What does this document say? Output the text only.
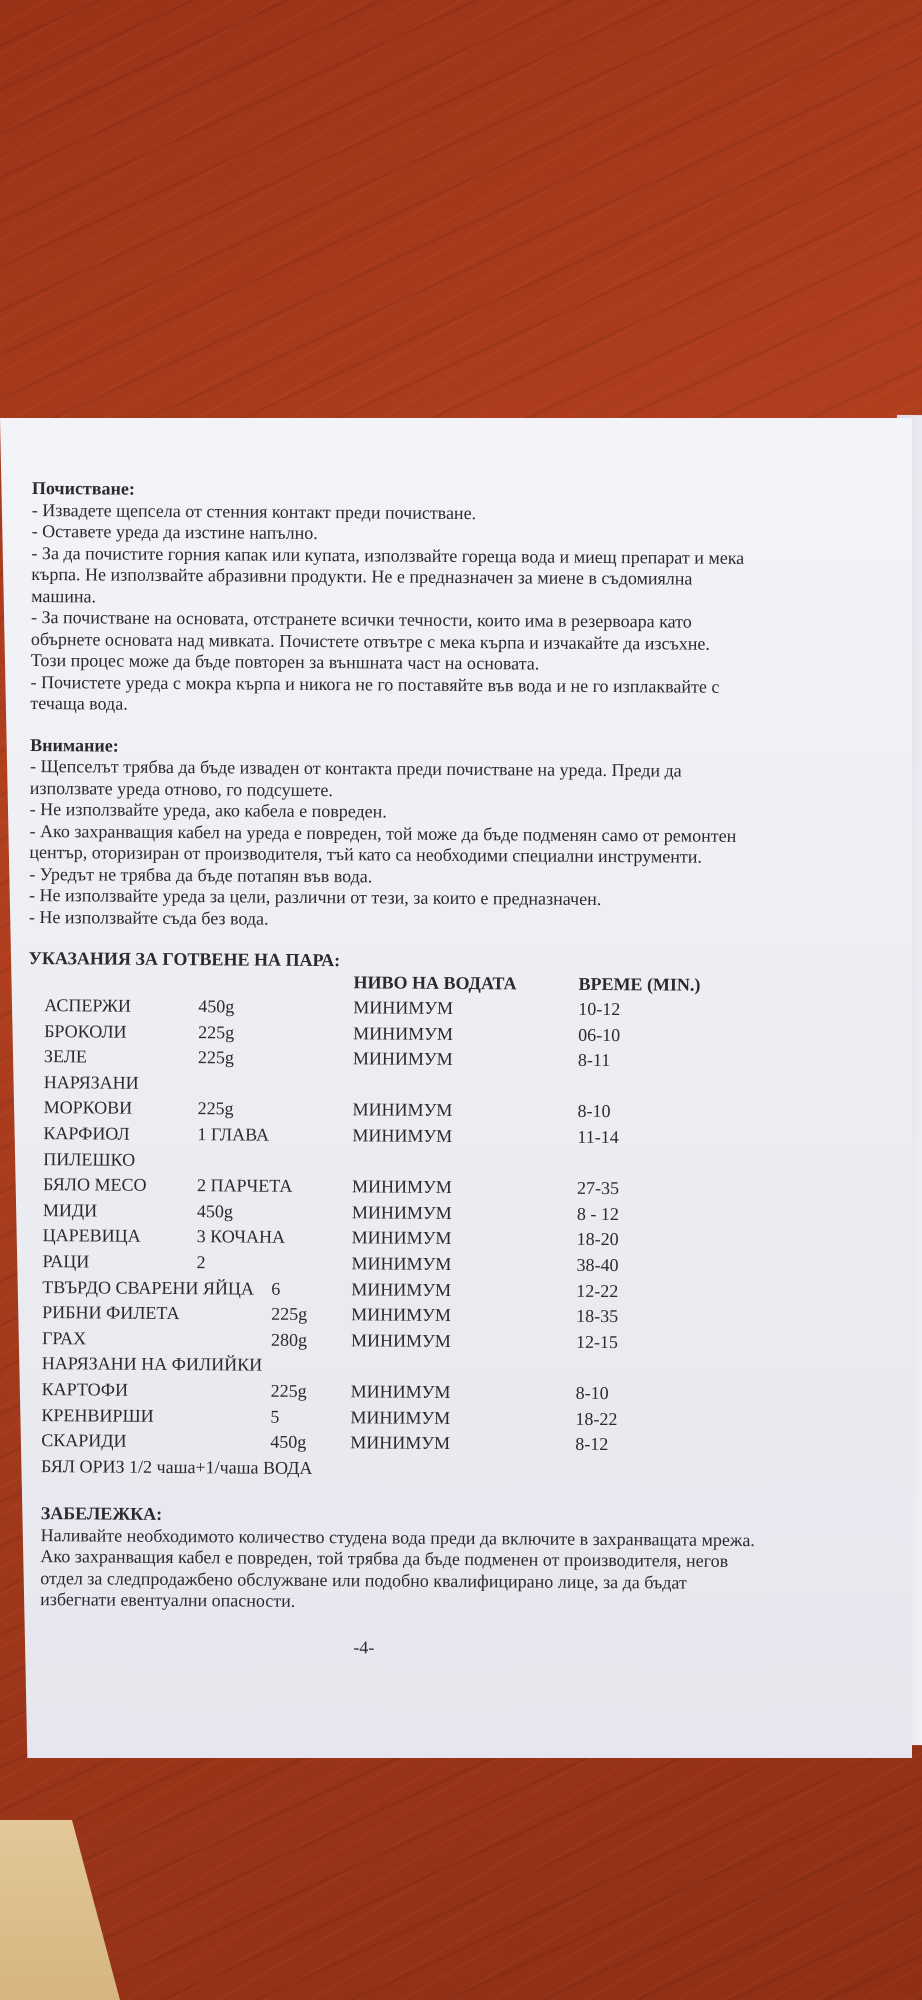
Почистване:
- Извадете щепсела от стенния контакт преди почистване.
- Оставете уреда да изстине напълно.
- За да почистите горния капак или купата, използвайте гореща вода и миещ препарат и мека
кърпа. Не използвайте абразивни продукти. Не е предназначен за миене в съдомиялна
машина.
- За почистване на основата, отстранете всички течности, които има в резервоара като
обърнете основата над мивката. Почистете отвътре с мека кърпа и изчакайте да изсъхне.
Този процес може да бъде повторен за външната част на основата.
- Почистете уреда с мокра кърпа и никога не го поставяйте във вода и не го изплаквайте с
течаща вода.
Внимание:
- Щепселът трябва да бъде изваден от контакта преди почистване на уреда. Преди да
използвате уреда отново, го подсушете.
- Не използвайте уреда, ако кабела е повреден.
- Ако захранващия кабел на уреда е повреден, той може да бъде подменян само от ремонтен
център, оторизиран от производителя, тъй като са необходими специални инструменти.
- Уредът не трябва да бъде потапян във вода.
- Не използвайте уреда за цели, различни от тези, за които е предназначен.
- Не използвайте съда без вода.
УКАЗАНИЯ ЗА ГОТВЕНЕ НА ПАРА:
НИВО НА ВОДАТА	ВРЕМЕ (MIN.)
АСПЕРЖИ	450g	МИНИМУМ	10-12
БРОКОЛИ	225g	МИНИМУМ	06-10
ЗЕЛЕ	225g	МИНИМУМ	8-11
НАРЯЗАНИ
МОРКОВИ	225g	МИНИМУМ	8-10
КАРФИОЛ	1 ГЛАВА	МИНИМУМ	11-14
ПИЛЕШКО
БЯЛО МЕСО	2 ПАРЧЕТА	МИНИМУМ	27-35
МИДИ	450g	МИНИМУМ	8 - 12
ЦАРЕВИЦА	3 КОЧАНА	МИНИМУМ	18-20
РАЦИ	2	МИНИМУМ	38-40
ТВЪРДО СВАРЕНИ ЯЙЦА 6	МИНИМУМ	12-22
РИБНИ ФИЛЕТА	225g МИНИМУМ	18-35
ГРАХ	280g МИНИМУМ	12-15
НАРЯЗАНИ НА ФИЛИЙКИ
КАРТОФИ	225g МИНИМУМ	8-10
КРЕНВИРШИ	5	МИНИМУМ	18-22
СКАРИДИ	450g МИНИМУМ	8-12
БЯЛ ОРИЗ 1/2 чаша+1/чаша ВОДА
ЗАБЕЛЕЖКА:
Наливайте необходимото количество студена вода преди да включите в захранващата мрежа.
Ако захранващия кабел е повреден, той трябва да бъде подменен от производителя, негов
отдел за следпродажбено обслужване или подобно квалифицирано лице, за да бъдат
избегнати евентуални опасности.
-4-
